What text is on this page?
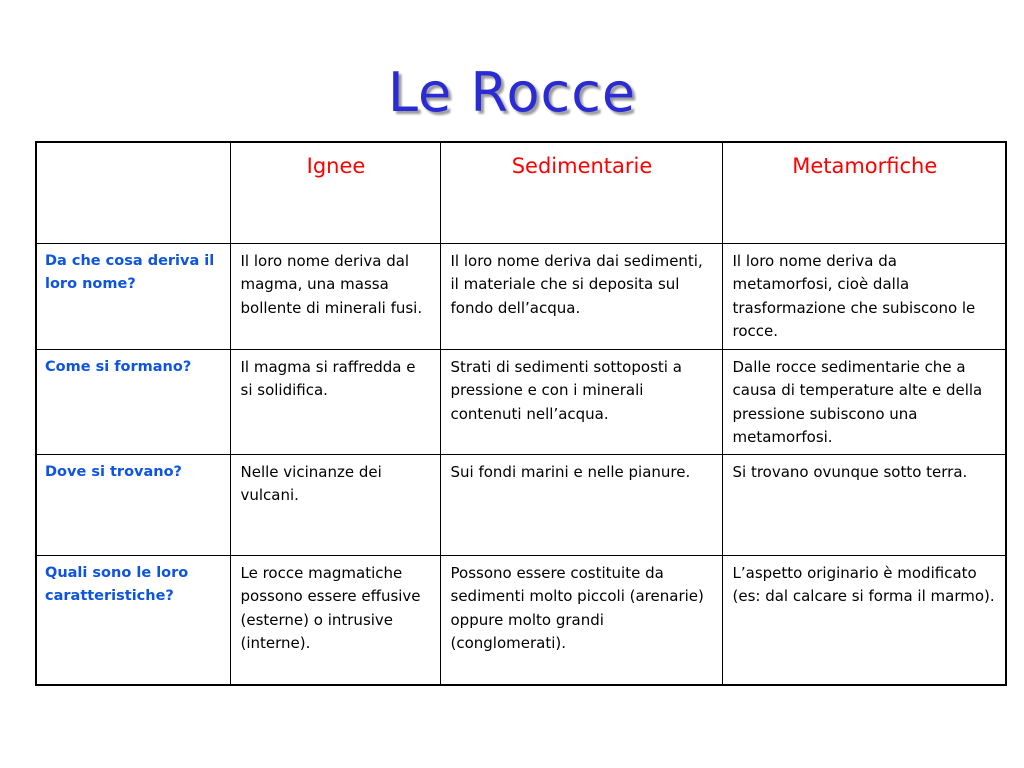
Le Rocce
	Ignee	Sedimentarie	Metamorfiche
Da che cosa deriva il loro nome?	Il loro nome deriva dal magma, una massa bollente di minerali fusi.	Il loro nome deriva dai sedimenti, il materiale che si deposita sul fondo dell’acqua.	Il loro nome deriva da metamorfosi, cioè dalla trasformazione che subiscono le rocce.
Come si formano?	Il magma si raffredda e si solidifica.	Strati di sedimenti sottoposti a pressione e con i minerali contenuti nell’acqua.	Dalle rocce sedimentarie che a causa di temperature alte e della pressione subiscono una metamorfosi.
Dove si trovano?	Nelle vicinanze dei vulcani.	Sui fondi marini e nelle pianure.	Si trovano ovunque sotto terra.
Quali sono le loro caratteristiche?	Le rocce magmatiche possono essere effusive (esterne) o intrusive (interne).	Possono essere costituite da sedimenti molto piccoli (arenarie) oppure molto grandi (conglomerati).	L’aspetto originario è modificato (es: dal calcare si forma il marmo).
